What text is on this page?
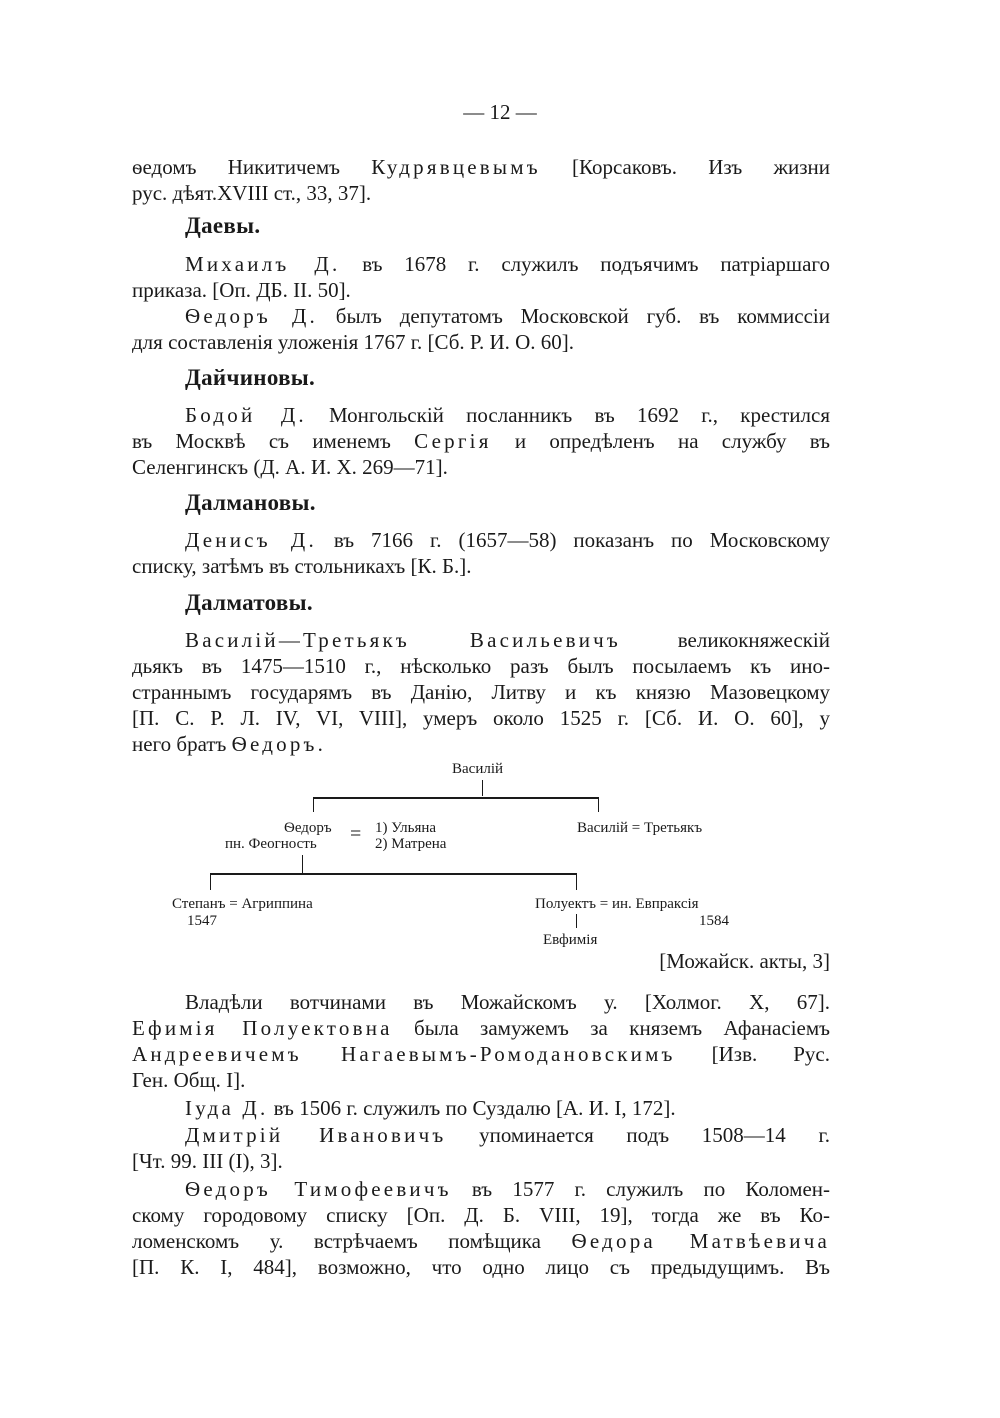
— 12 —

ѳедомъ Никитичемъ Кудрявцевымъ [Корсаковъ. Изъ жизни

рус. дѣят.XVIII ст., 33, 37].

Даевы.

Михаилъ Д. въ 1678 г. служилъ подъячимъ патріаршаго

приказа. [Оп. ДБ. II. 50].

Ѳедоръ Д. былъ депутатомъ Московской губ. въ коммиссіи

для составленія уложенія 1767 г. [Сб. Р. И. О. 60].

Дайчиновы.

Бодой Д. Монгольскій посланникъ въ 1692 г., крестился

въ Москвѣ съ именемъ Сергія и опредѣленъ на службу въ

Селенгинскъ (Д. А. И. Х. 269—71].

Далмановы.

Денисъ Д. въ 7166 г. (1657—58) показанъ по Московскому

списку, затѣмъ въ стольникахъ [К. Б.].

Далматовы.

Василій—Третьякъ Васильевичъ великокняжескій

дьякъ въ 1475—1510 г., нѣсколько разъ былъ посылаемъ къ ино-

страннымъ государямъ въ Данію, Литву и къ князю Мазовецкому

[П. С. Р. Л. IV, VI, VIII], умеръ около 1525 г. [Сб. И. О. 60], у

него братъ Ѳедоръ.

Василій
Ѳедоръ
пн. Феогность = 1) Ульяна
2) Матрена
Василій = Третьякъ
Степанъ = Агриппина
1547
Полуектъ = ин. Евпраксія
1584
Евфимія

[Можайск. акты, 3]

Владѣли вотчинами въ Можайскомъ у. [Холмог. X, 67].

Ефимія Полуектовна была замужемъ за княземъ Афанасіемъ

Андреевичемъ Нагаевымъ-Ромодановскимъ [Изв. Рус.

Ген. Общ. I].

Іуда Д. въ 1506 г. служилъ по Суздалю [А. И. I, 172].

Дмитрій Ивановичъ упоминается подъ 1508—14 г.

[Чт. 99. III (I), 3].

Ѳедоръ Тимофеевичъ въ 1577 г. служилъ по Коломен-

скому городовому списку [Оп. Д. Б. VIII, 19], тогда же въ Ко-

ломенскомъ у. встрѣчаемъ помѣщика Ѳедора Матвѣевича

[П. К. I, 484], возможно, что одно лицо съ предыдущимъ. Въ
